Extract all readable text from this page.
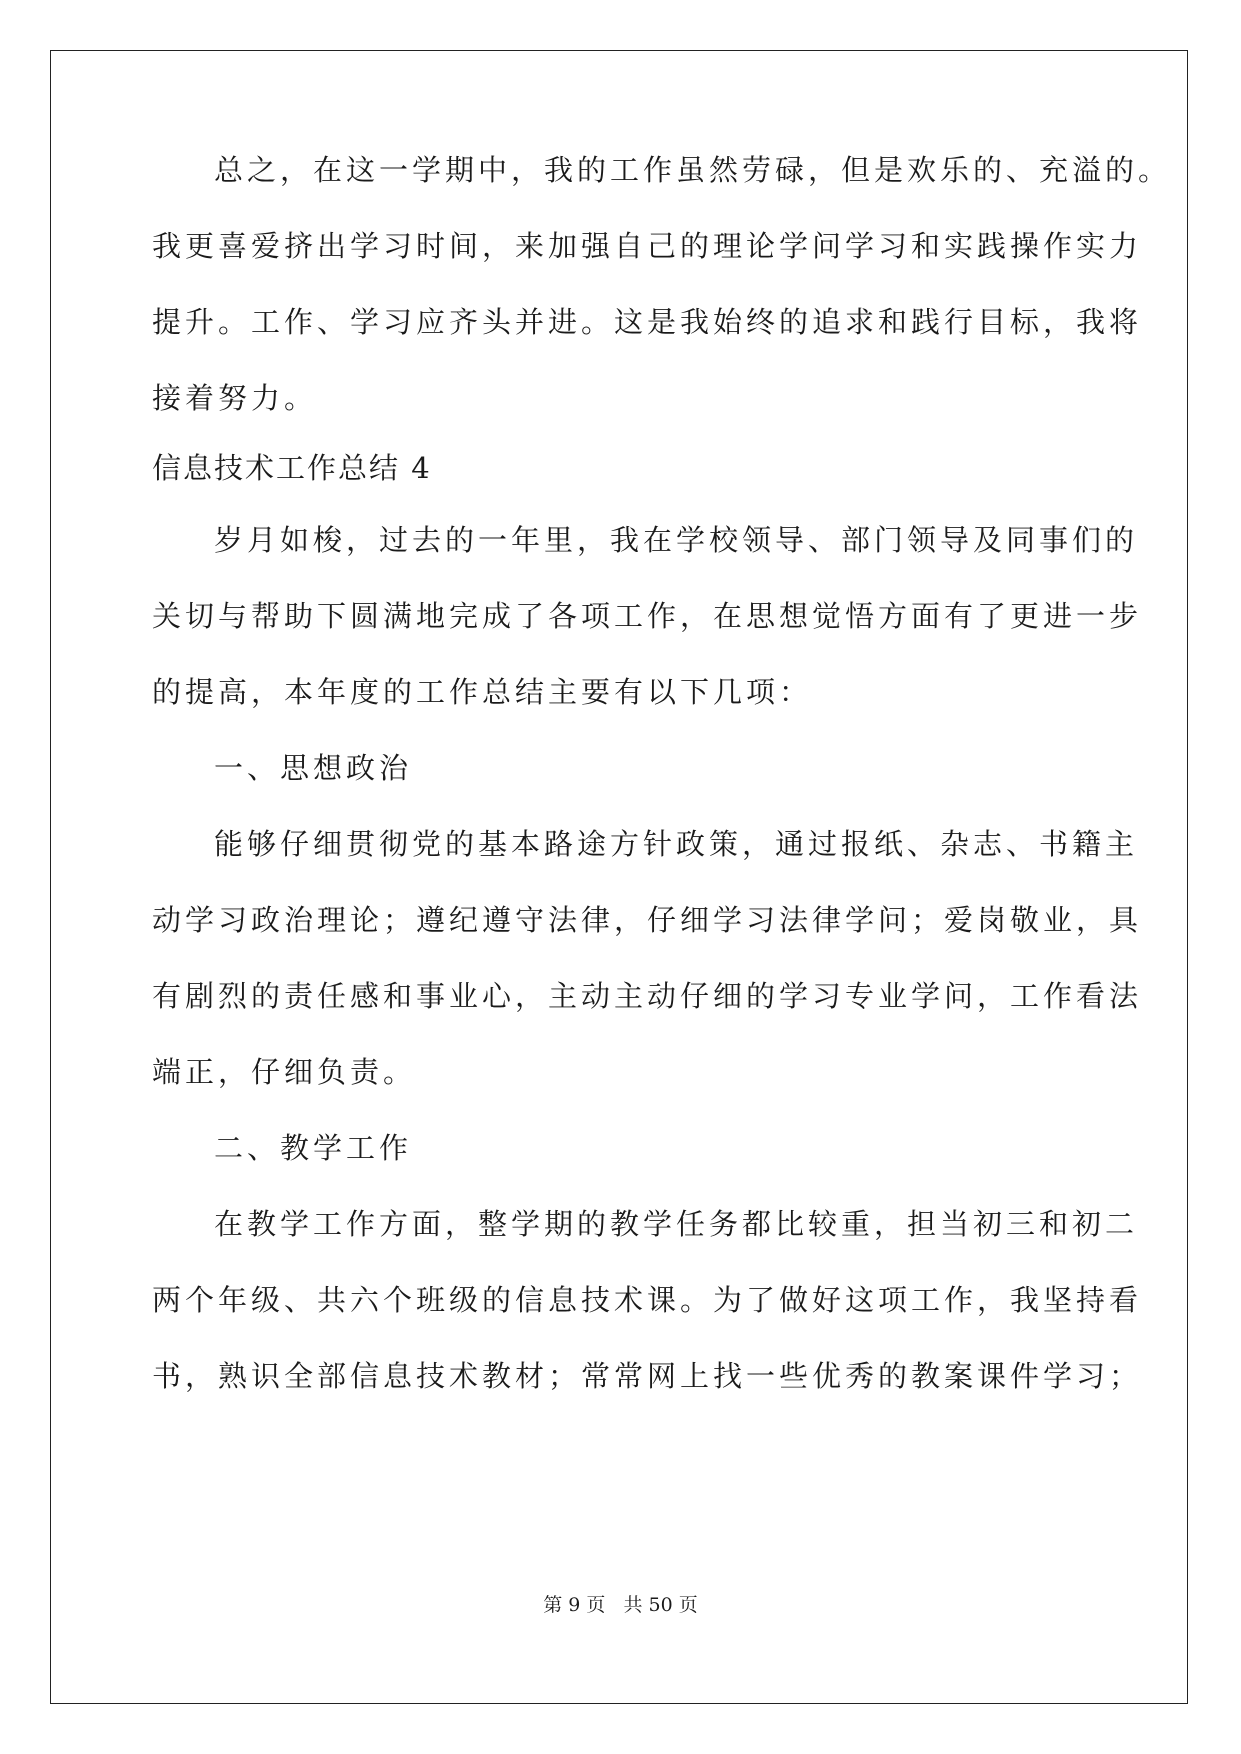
总之，在这一学期中，我的工作虽然劳碌，但是欢乐的、充溢的。

我更喜爱挤出学习时间，来加强自己的理论学问学习和实践操作实力

提升。工作、学习应齐头并进。这是我始终的追求和践行目标，我将

接着努力。

信息技术工作总结 4

岁月如梭，过去的一年里，我在学校领导、部门领导及同事们的

关切与帮助下圆满地完成了各项工作，在思想觉悟方面有了更进一步

的提高，本年度的工作总结主要有以下几项：

一、思想政治

能够仔细贯彻党的基本路途方针政策，通过报纸、杂志、书籍主

动学习政治理论；遵纪遵守法律，仔细学习法律学问；爱岗敬业，具

有剧烈的责任感和事业心，主动主动仔细的学习专业学问，工作看法

端正，仔细负责。

二、教学工作

在教学工作方面，整学期的教学任务都比较重，担当初三和初二

两个年级、共六个班级的信息技术课。为了做好这项工作，我坚持看

书，熟识全部信息技术教材；常常网上找一些优秀的教案课件学习；

第 9 页 共 50 页
